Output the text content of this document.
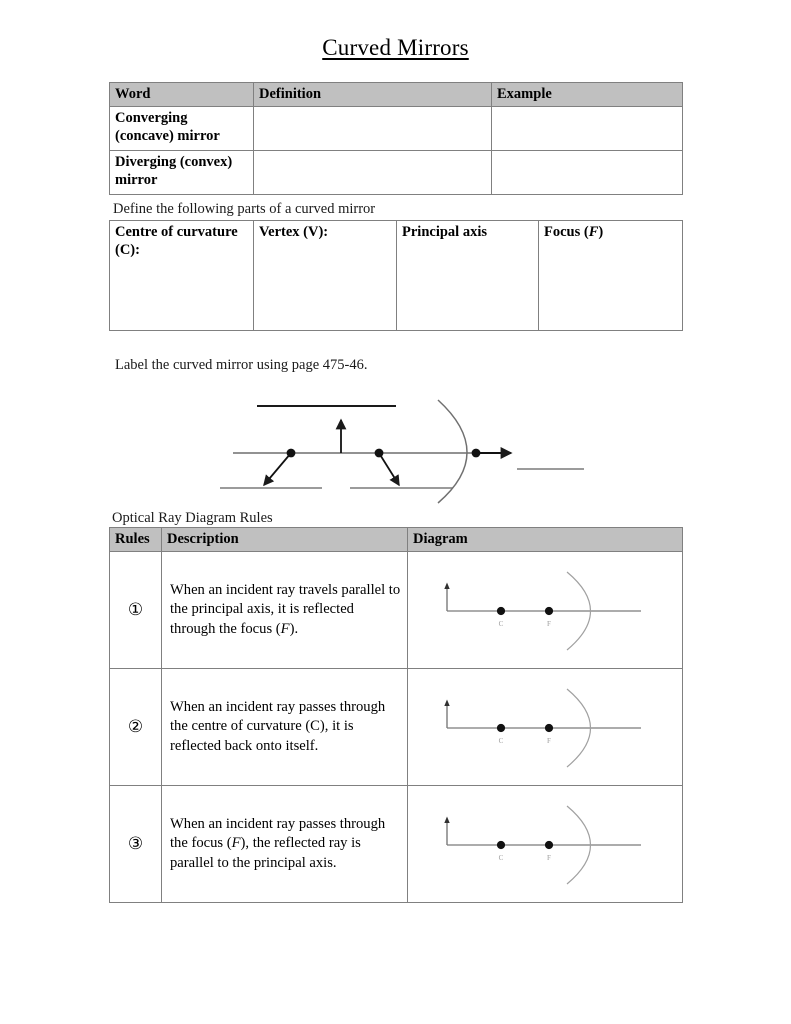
Curved Mirrors
Word	Definition	Example
Converging (concave) mirror		
Diverging (convex) mirror		
Define the following parts of a curved mirror
Centre of curvature (C):	Vertex (V):	Principal axis	Focus (F)
Label the curved mirror using page 475-46.
Optical Ray Diagram Rules
Rules	Description	Diagram
①	When an incident ray travels parallel to the principal axis, it is reflected through the focus (F).	C F

②	When an incident ray passes through the centre of curvature (C), it is reflected back onto itself.	C F

③	When an incident ray passes through the focus (F), the reflected ray is parallel to the principal axis.	C F
